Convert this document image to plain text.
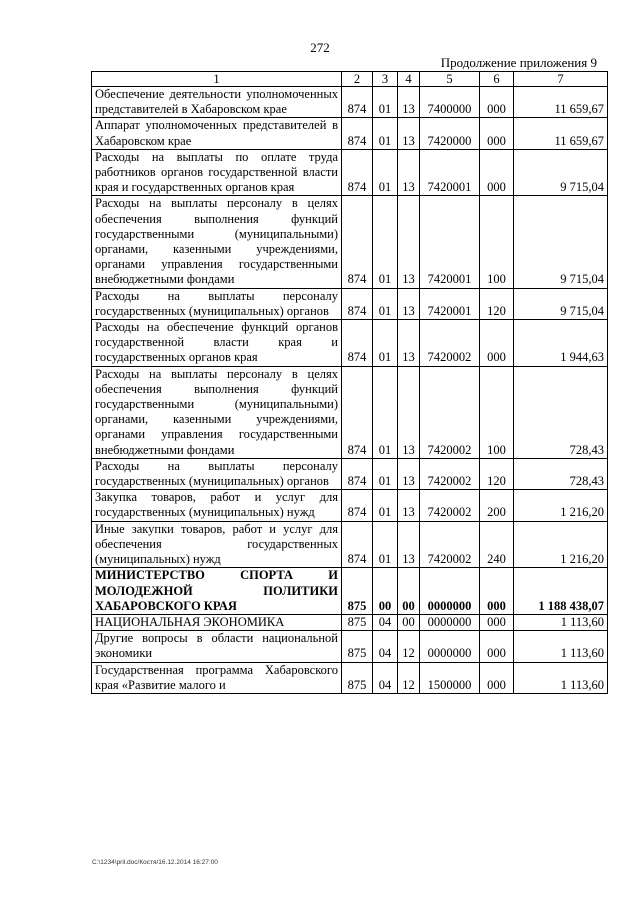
272
Продолжение приложения 9
1	2	3	4	5	6	7
Обеспечение деятельности уполномоченных представителей в Хабаровском крае	874	01	13	7400000	000	11 659,67
Аппарат уполномоченных представителей в Хабаровском крае	874	01	13	7420000	000	11 659,67
Расходы на выплаты по оплате труда работников органов государственной власти края и государственных органов края	874	01	13	7420001	000	9 715,04
Расходы на выплаты персоналу в целях обеспечения выполнения функций государственными (муниципальными) органами, казенными учреждениями, органами управления государственными внебюджетными фондами	874	01	13	7420001	100	9 715,04
Расходы на выплаты персоналу государственных (муниципальных) органов	874	01	13	7420001	120	9 715,04
Расходы на обеспечение функций органов государственной власти края и государственных органов края	874	01	13	7420002	000	1 944,63
Расходы на выплаты персоналу в целях обеспечения выполнения функций государственными (муниципальными) органами, казенными учреждениями, органами управления государственными внебюджетными фондами	874	01	13	7420002	100	728,43
Расходы на выплаты персоналу государственных (муниципальных) органов	874	01	13	7420002	120	728,43
Закупка товаров, работ и услуг для государственных (муниципальных) нужд	874	01	13	7420002	200	1 216,20
Иные закупки товаров, работ и услуг для обеспечения государственных (муниципальных) нужд	874	01	13	7420002	240	1 216,20
МИНИСТЕРСТВО СПОРТА И МОЛОДЕЖНОЙ ПОЛИТИКИ ХАБАРОВСКОГО КРАЯ	875	00	00	0000000	000	1 188 438,07
НАЦИОНАЛЬНАЯ ЭКОНОМИКА	875	04	00	0000000	000	1 113,60
Другие вопросы в области национальной экономики	875	04	12	0000000	000	1 113,60
Государственная программа Хабаровского края «Развитие малого и	875	04	12	1500000	000	1 113,60
C:\1234\pril.doc/Костя/16.12.2014 16:27:00
